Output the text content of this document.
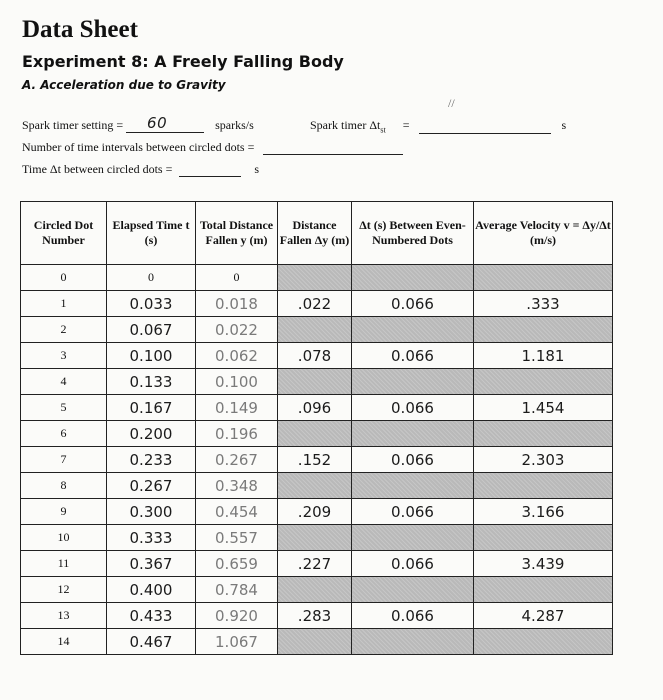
Data Sheet
Experiment 8: A Freely Falling Body
A. Acceleration due to Gravity
//
Spark timer setting = 60	sparks/s	Spark timer $\Delta t_{st}$ =	s
Number of time intervals between circled dots =
Time Δt between circled dots =	s
Circled Dot Number	Elapsed Time t (s)	Total Distance Fallen y (m)	Distance Fallen Δy (m)	Δt (s) Between Even-Numbered Dots	Average Velocity v = Δy/Δt (m/s)
0	0	0			
1	0.033	0.018	.022	0.066	.333
2	0.067	0.022			
3	0.100	0.062	.078	0.066	1.181
4	0.133	0.100			
5	0.167	0.149	.096	0.066	1.454
6	0.200	0.196			
7	0.233	0.267	.152	0.066	2.303
8	0.267	0.348			
9	0.300	0.454	.209	0.066	3.166
10	0.333	0.557			
11	0.367	0.659	.227	0.066	3.439
12	0.400	0.784			
13	0.433	0.920	.283	0.066	4.287
14	0.467	1.067			
